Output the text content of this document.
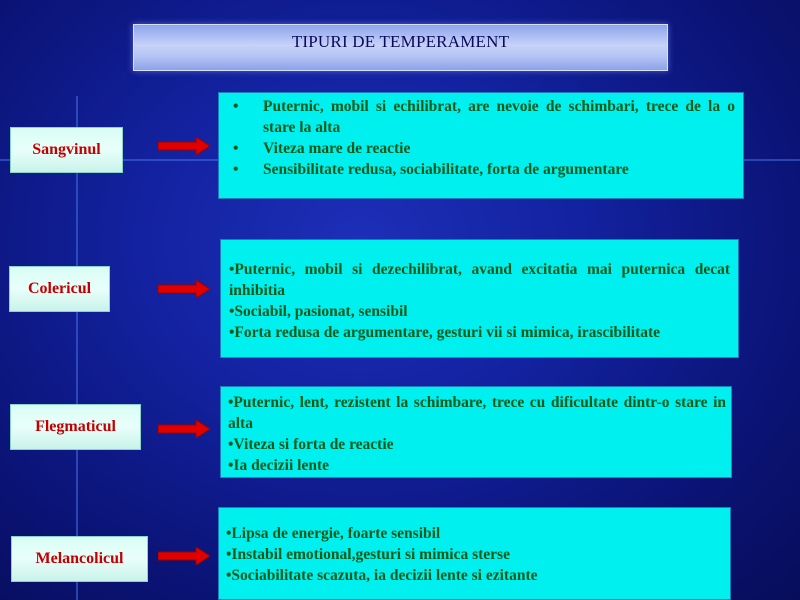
TIPURI DE TEMPERAMENT
Sangvinul
• Puternic, mobil si echilibrat, are nevoie de schimbari, trece de la o stare la alta
• Viteza mare de reactie
• Sensibilitate redusa, sociabilitate, forta de argumentare
Colericul

•Puternic, mobil si dezechilibrat, avand excitatia mai puternica decat inhibitia

•Sociabil, pasionat, sensibil

•Forta redusa de argumentare, gesturi vii si mimica, irascibilitate

Flegmaticul

•Puternic, lent, rezistent la schimbare, trece cu dificultate dintr-o stare in alta

•Viteza si forta de reactie

•Ia decizii lente

Melancolicul

•Lipsa de energie, foarte sensibil

•Instabil emotional,gesturi si mimica sterse

•Sociabilitate scazuta, ia decizii lente si ezitante
